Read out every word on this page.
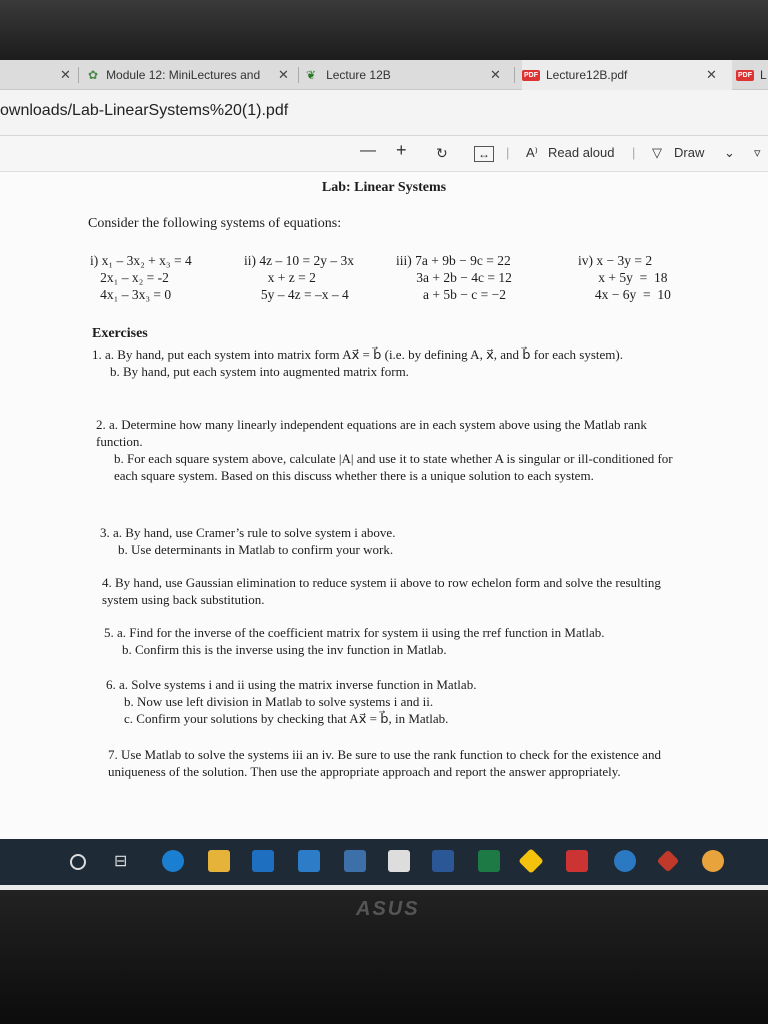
✕ ✿ Module 12: MiniLectures and ✕ ❦ Lecture 12B	✕	PDF Lecture12B.pdf	✕	PDF L
ownloads/Lab-LinearSystems%20(1).pdf
— + ↻	↔	| A⁾ Read aloud | ▽ Draw ⌄ ▿
Lab: Linear Systems
Consider the following systems of equations:
i) x₁ – 3x₂ + x₃ = 4
2x₁ – x₂ = -2
4x₁ – 3x₃ = 0
ii) 4z – 10 = 2y – 3x
x + z = 2
5y – 4z = –x – 4
iii) 7a + 9b − 9c = 22
3a + 2b − 4c = 12
a + 5b − c = −2
iv) x − 3y = 2
x + 5y  =  18
4x − 6y  =  10
Exercises

1. a. By hand, put each system into matrix form Ax⃗ = b⃗ (i.e. by defining A, x⃗, and b⃗ for each system).

b. By hand, put each system into augmented matrix form.

2. a. Determine how many linearly independent equations are in each system above using the Matlab rank function.

b. For each square system above, calculate |A| and use it to state whether A is singular or ill-conditioned for each square system. Based on this discuss whether there is a unique solution to each system.

3. a. By hand, use Cramer’s rule to solve system i above.

b. Use determinants in Matlab to confirm your work.

4. By hand, use Gaussian elimination to reduce system ii above to row echelon form and solve the resulting system using back substitution.

5. a. Find for the inverse of the coefficient matrix for system ii using the rref function in Matlab.

b. Confirm this is the inverse using the inv function in Matlab.

6. a. Solve systems i and ii using the matrix inverse function in Matlab.

b. Now use left division in Matlab to solve systems i and ii.

c. Confirm your solutions by checking that Ax⃗ = b⃗, in Matlab.

7. Use Matlab to solve the systems iii an iv. Be sure to use the rank function to check for the existence and uniqueness of the solution. Then use the appropriate approach and report the answer appropriately.

⊟
ASUS
